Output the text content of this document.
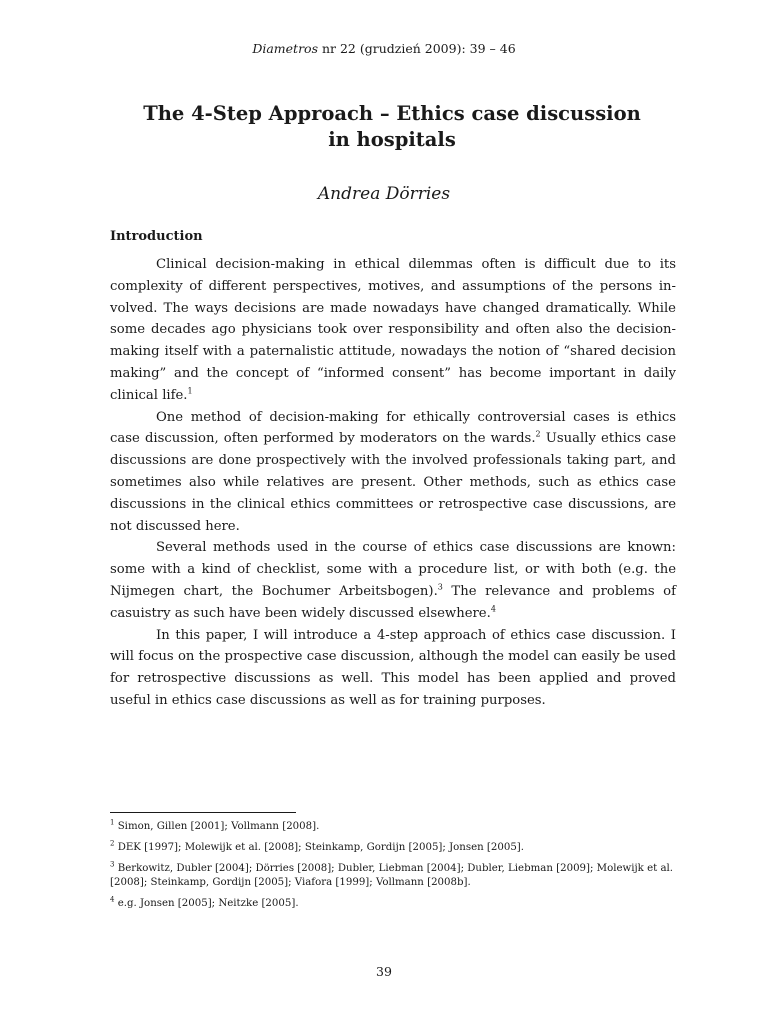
Diametros nr 22 (grudzień 2009): 39 – 46
The 4-Step Approach – Ethics case discussion
in hospitals
Andrea Dörries
Introduction

Clinical decision-making in ethical dilemmas often is difficult due to its complexity of different perspectives, motives, and assumptions of the persons involved. The ways decisions are made nowadays have changed dramatically. While some decades ago physicians took over responsibility and often also the decision-making itself with a paternalistic attitude, nowadays the notion of “shared decision making” and the concept of “informed consent” has become important in daily clinical life.$^1$

One method of decision-making for ethically controversial cases is ethics case discussion, often performed by moderators on the wards.$^2$ Usually ethics case discussions are done prospectively with the involved professionals taking part, and sometimes also while relatives are present. Other methods, such as ethics case discussions in the clinical ethics committees or retrospective case discussions, are not discussed here.

Several methods used in the course of ethics case discussions are known: some with a kind of checklist, some with a procedure list, or with both (e.g. the Nijmegen chart, the Bochumer Arbeitsbogen).$^3$ The relevance and problems of casuistry as such have been widely discussed elsewhere.$^4$

In this paper, I will introduce a 4-step approach of ethics case discussion. I will focus on the prospective case discussion, although the model can easily be used for retrospective discussions as well. This model has been applied and proved useful in ethics case discussions as well as for training purposes.

$^1$ Simon, Gillen [2001]; Vollmann [2008].

$^2$ DEK [1997]; Molewijk et al. [2008]; Steinkamp, Gordijn [2005]; Jonsen [2005].

$^3$ Berkowitz, Dubler [2004]; Dörries [2008]; Dubler, Liebman [2004]; Dubler, Liebman [2009]; Molewijk et al. [2008]; Steinkamp, Gordijn [2005]; Viafora [1999]; Vollmann [2008b].

$^4$ e.g. Jonsen [2005]; Neitzke [2005].

39
